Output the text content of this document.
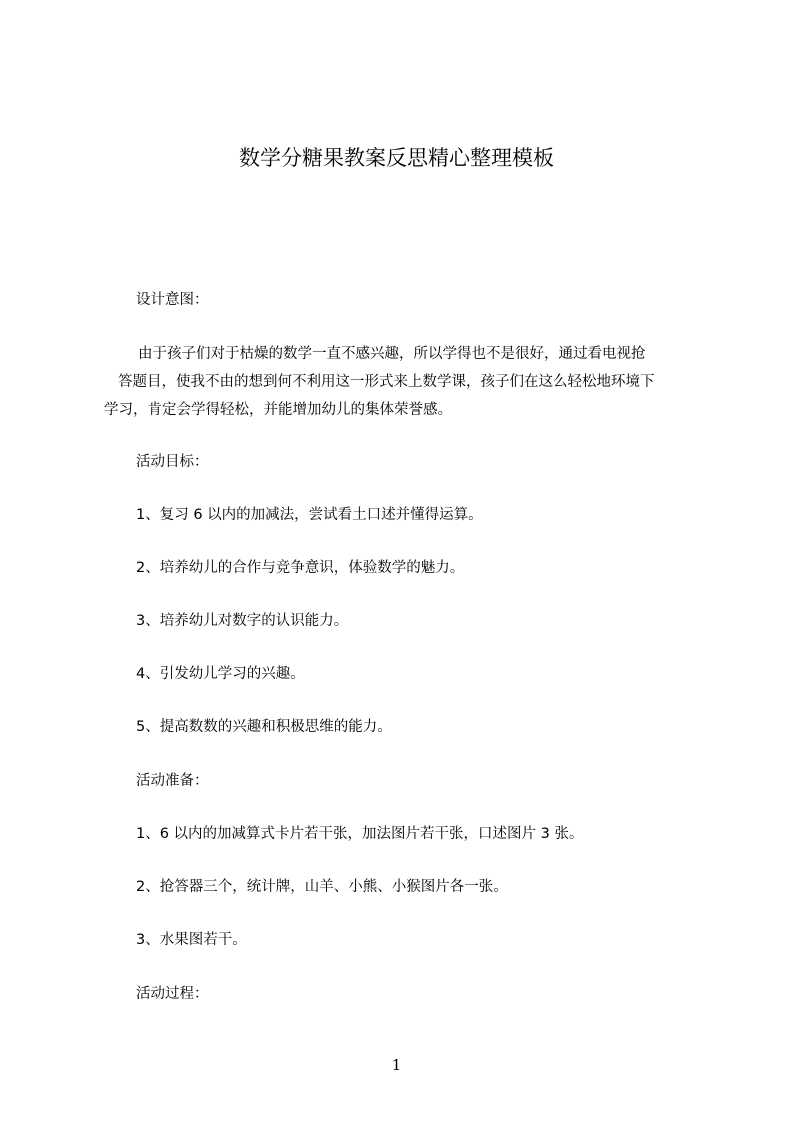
数学分糖果教案反思精心整理模板

设计意图：

由于孩子们对于枯燥的数学一直不感兴趣，所以学得也不是很好，通过看电视抢
答题目，使我不由的想到何不利用这一形式来上数学课，孩子们在这么轻松地环境下
学习，肯定会学得轻松，并能增加幼儿的集体荣誉感。

活动目标：

1、复习 6 以内的加减法，尝试看土口述并懂得运算。

2、培养幼儿的合作与竞争意识，体验数学的魅力。

3、培养幼儿对数字的认识能力。

4、引发幼儿学习的兴趣。

5、提高数数的兴趣和积极思维的能力。

活动准备：

1、6 以内的加减算式卡片若干张，加法图片若干张，口述图片 3 张。

2、抢答器三个，统计牌，山羊、小熊、小猴图片各一张。

3、水果图若干。

活动过程：

1
